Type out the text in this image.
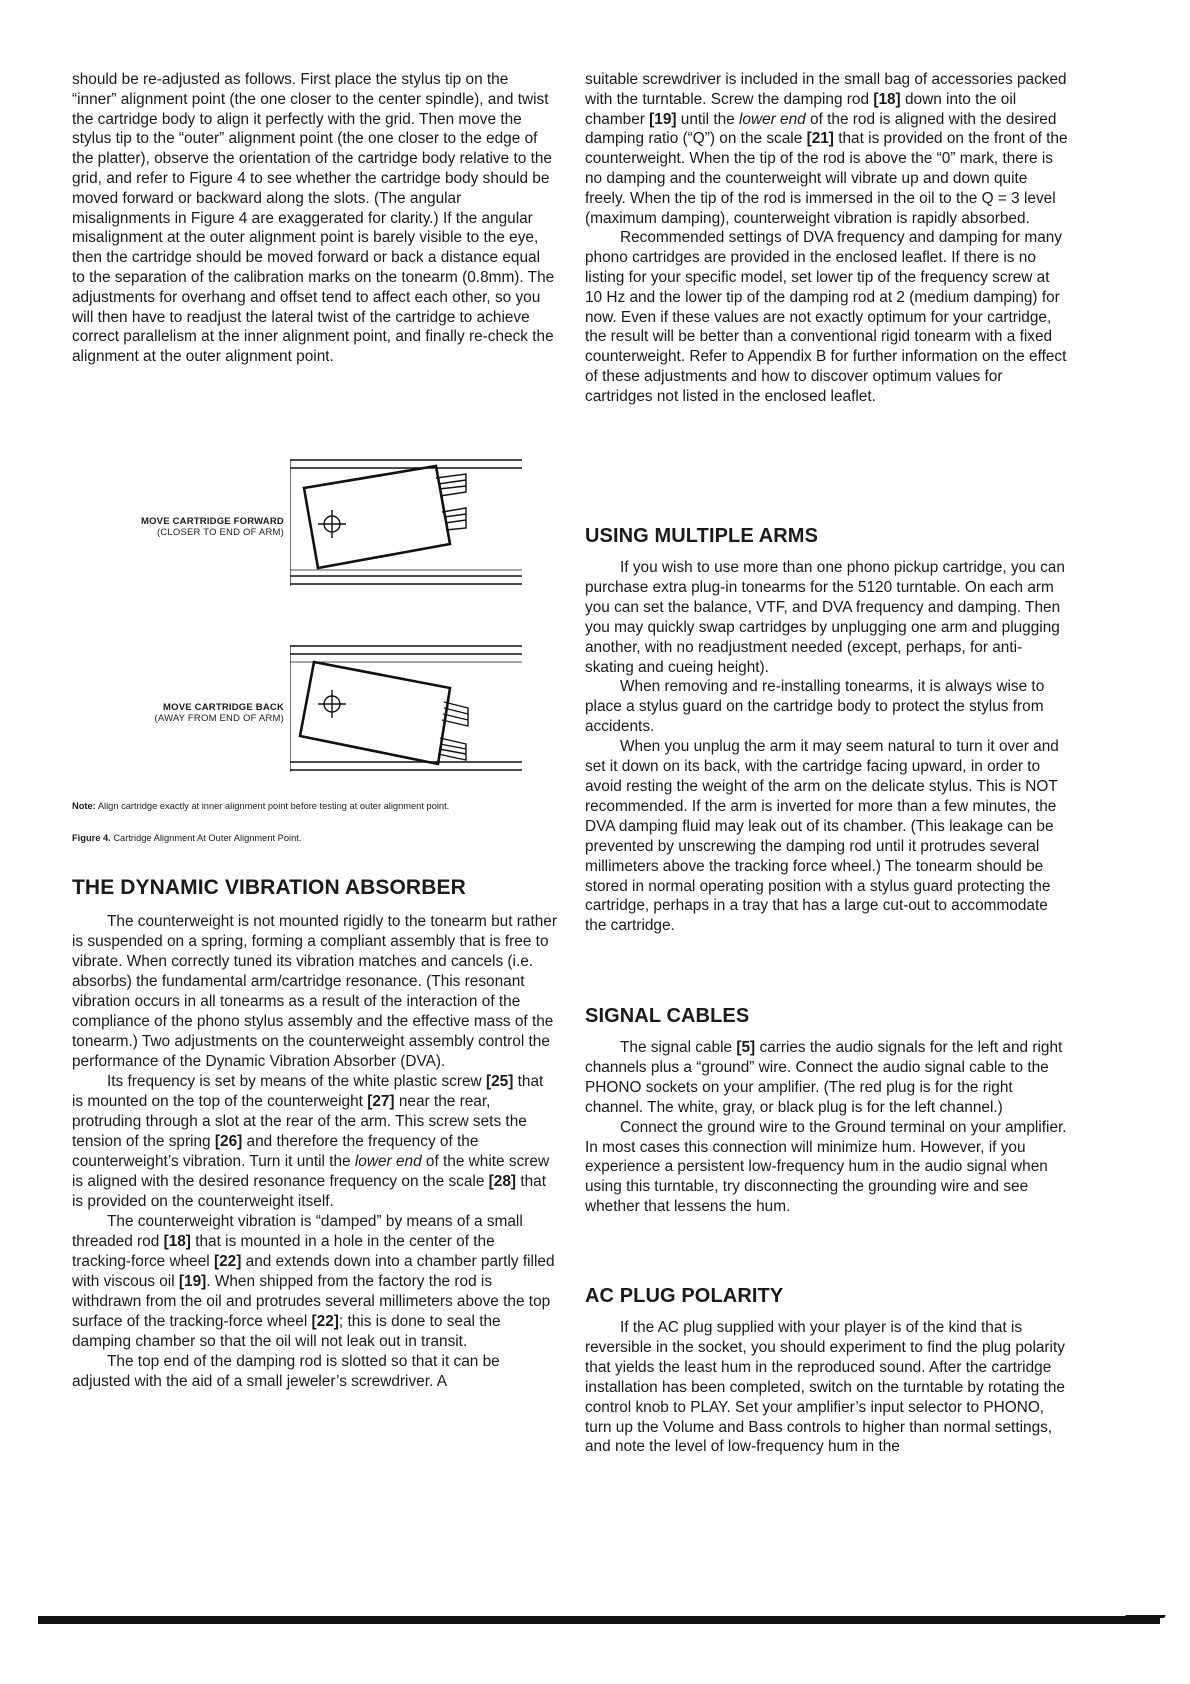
should be re-adjusted as follows. First place the stylus tip on the “inner” alignment point (the one closer to the center spindle), and twist the cartridge body to align it perfectly with the grid. Then move the stylus tip to the “outer” alignment point (the one closer to the edge of the platter), observe the orientation of the cartridge body relative to the grid, and refer to Figure 4 to see whether the cartridge body should be moved forward or backward along the slots. (The angular misalignments in Figure 4 are exaggerated for clarity.) If the angular misalignment at the outer alignment point is barely visible to the eye, then the cartridge should be moved forward or back a distance equal to the separation of the calibration marks on the tonearm (0.8mm). The adjustments for overhang and offset tend to affect each other, so you will then have to readjust the lateral twist of the cartridge to achieve correct parallelism at the inner alignment point, and finally re-check the alignment at the outer alignment point.

MOVE CARTRIDGE FORWARD
(CLOSER TO END OF ARM)
MOVE CARTRIDGE BACK
(AWAY FROM END OF ARM)
Note: Align cartridge exactly at inner alignment point before testing at outer alignment point.
Figure 4. Cartridge Alignment At Outer Alignment Point.
THE DYNAMIC VIBRATION ABSORBER

The counterweight is not mounted rigidly to the tonearm but rather is suspended on a spring, forming a compliant assembly that is free to vibrate. When correctly tuned its vibration matches and cancels (i.e. absorbs) the fundamental arm/cartridge resonance. (This resonant vibration occurs in all tonearms as a result of the interaction of the compliance of the phono stylus assembly and the effective mass of the tonearm.) Two adjustments on the counterweight assembly control the performance of the Dynamic Vibration Absorber (DVA).

Its frequency is set by means of the white plastic screw [25] that is mounted on the top of the counterweight [27] near the rear, protruding through a slot at the rear of the arm. This screw sets the tension of the spring [26] and therefore the frequency of the counterweight’s vibration. Turn it until the lower end of the white screw is aligned with the desired resonance frequency on the scale [28] that is provided on the counterweight itself.

The counterweight vibration is “damped” by means of a small threaded rod [18] that is mounted in a hole in the center of the tracking-force wheel [22] and extends down into a chamber partly filled with viscous oil [19]. When shipped from the factory the rod is withdrawn from the oil and protrudes several millimeters above the top surface of the tracking-force wheel [22]; this is done to seal the damping chamber so that the oil will not leak out in transit.

The top end of the damping rod is slotted so that it can be adjusted with the aid of a small jeweler’s screwdriver. A

suitable screwdriver is included in the small bag of accessories packed with the turntable. Screw the damping rod [18] down into the oil chamber [19] until the lower end of the rod is aligned with the desired damping ratio (“Q”) on the scale [21] that is provided on the front of the counterweight. When the tip of the rod is above the “0” mark, there is no damping and the counterweight will vibrate up and down quite freely. When the tip of the rod is immersed in the oil to the Q = 3 level (maximum damping), counterweight vibration is rapidly absorbed.

Recommended settings of DVA frequency and damping for many phono cartridges are provided in the enclosed leaflet. If there is no listing for your specific model, set lower tip of the frequency screw at 10 Hz and the lower tip of the damping rod at 2 (medium damping) for now. Even if these values are not exactly optimum for your cartridge, the result will be better than a conventional rigid tonearm with a fixed counterweight. Refer to Appendix B for further information on the effect of these adjustments and how to discover optimum values for cartridges not listed in the enclosed leaflet.

USING MULTIPLE ARMS

If you wish to use more than one phono pickup cartridge, you can purchase extra plug-in tonearms for the 5120 turntable. On each arm you can set the balance, VTF, and DVA frequency and damping. Then you may quickly swap cartridges by unplugging one arm and plugging another, with no readjustment needed (except, perhaps, for anti-skating and cueing height).

When removing and re-installing tonearms, it is always wise to place a stylus guard on the cartridge body to protect the stylus from accidents.

When you unplug the arm it may seem natural to turn it over and set it down on its back, with the cartridge facing upward, in order to avoid resting the weight of the arm on the delicate stylus. This is NOT recommended. If the arm is inverted for more than a few minutes, the DVA damping fluid may leak out of its chamber. (This leakage can be prevented by unscrewing the damping rod until it protrudes several millimeters above the tracking force wheel.) The tonearm should be stored in normal operating position with a stylus guard protecting the cartridge, perhaps in a tray that has a large cut-out to accommodate the cartridge.

SIGNAL CABLES

The signal cable [5] carries the audio signals for the left and right channels plus a “ground” wire. Connect the audio signal cable to the PHONO sockets on your amplifier. (The red plug is for the right channel. The white, gray, or black plug is for the left channel.)

Connect the ground wire to the Ground terminal on your amplifier. In most cases this connection will minimize hum. However, if you experience a persistent low-frequency hum in the audio signal when using this turntable, try disconnecting the grounding wire and see whether that lessens the hum.

AC PLUG POLARITY

If the AC plug supplied with your player is of the kind that is reversible in the socket, you should experiment to find the plug polarity that yields the least hum in the reproduced sound. After the cartridge installation has been completed, switch on the turntable by rotating the control knob to PLAY. Set your amplifier’s input selector to PHONO, turn up the Volume and Bass controls to higher than normal settings, and note the level of low-frequency hum in the
